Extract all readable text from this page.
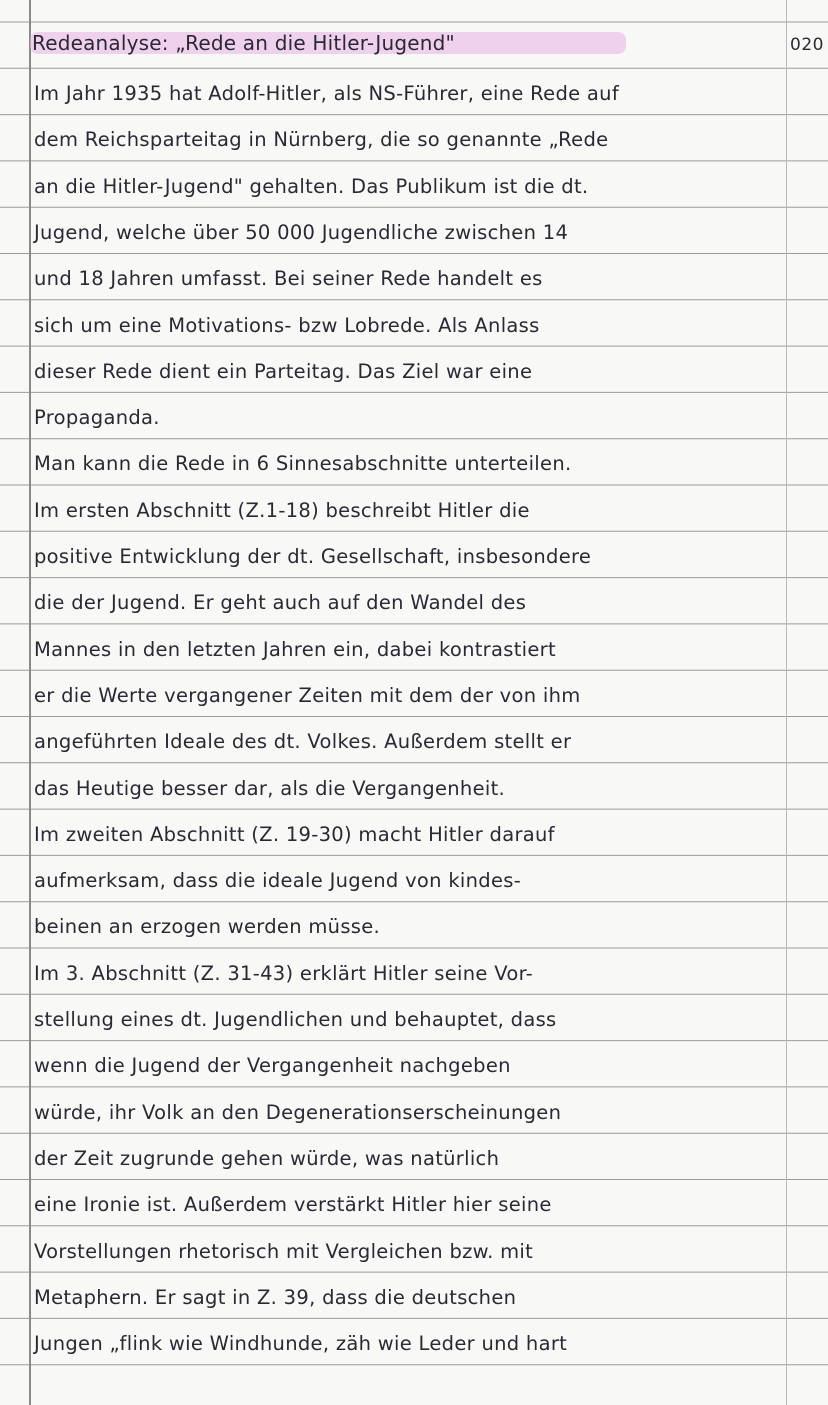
020
Redeanalyse: „Rede an die Hitler-Jugend"
Im Jahr 1935 hat Adolf-Hitler, als NS-Führer, eine Rede auf
dem Reichsparteitag in Nürnberg, die so genannte „Rede
an die Hitler-Jugend" gehalten. Das Publikum ist die dt.
Jugend, welche über 50 000 Jugendliche zwischen 14
und 18 Jahren umfasst. Bei seiner Rede handelt es
sich um eine Motivations- bzw Lobrede. Als Anlass
dieser Rede dient ein Parteitag. Das Ziel war eine
Propaganda.
Man kann die Rede in 6 Sinnesabschnitte unterteilen.
Im ersten Abschnitt (Z.1-18) beschreibt Hitler die
positive Entwicklung der dt. Gesellschaft, insbesondere
die der Jugend. Er geht auch auf den Wandel des
Mannes in den letzten Jahren ein, dabei kontrastiert
er die Werte vergangener Zeiten mit dem der von ihm
angeführten Ideale des dt. Volkes. Außerdem stellt er
das Heutige besser dar, als die Vergangenheit.
Im zweiten Abschnitt (Z. 19-30) macht Hitler darauf
aufmerksam, dass die ideale Jugend von kindes-
beinen an erzogen werden müsse.
Im 3. Abschnitt (Z. 31-43) erklärt Hitler seine Vor-
stellung eines dt. Jugendlichen und behauptet, dass
wenn die Jugend der Vergangenheit nachgeben
würde, ihr Volk an den Degenerationserscheinungen
der Zeit zugrunde gehen würde, was natürlich
eine Ironie ist. Außerdem verstärkt Hitler hier seine
Vorstellungen rhetorisch mit Vergleichen bzw. mit
Metaphern. Er sagt in Z. 39, dass die deutschen
Jungen „flink wie Windhunde, zäh wie Leder und hart
